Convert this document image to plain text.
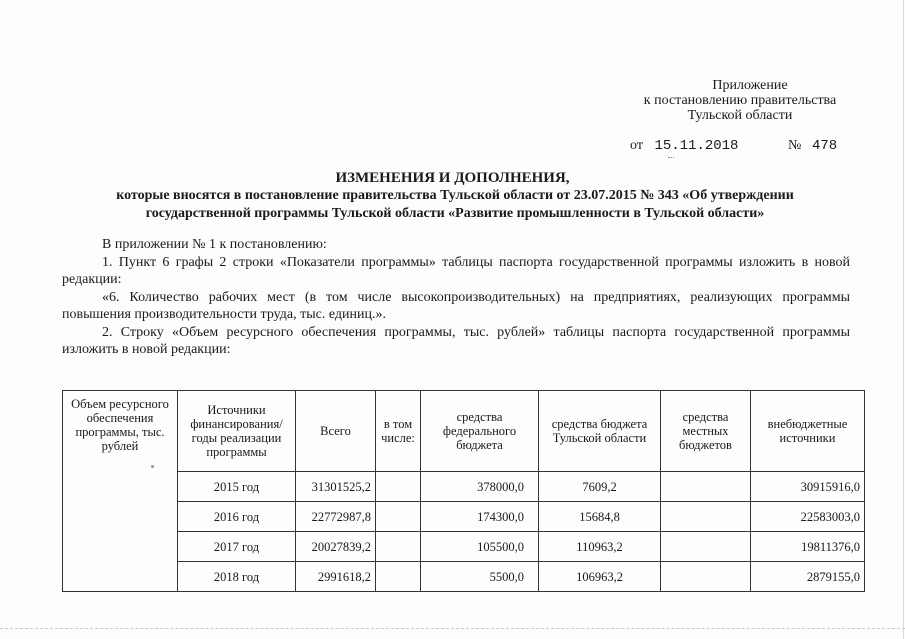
Приложение
к постановлению правительства
Тульской области
от 15.11.2018	№ 478
ИЗМЕНЕНИЯ И ДОПОЛНЕНИЯ,
которые вносятся в постановление правительства Тульской области от 23.07.2015 № 343 «Об утверждении государственной программы Тульской области «Развитие промышленности в Тульской области»

В приложении № 1 к постановлению:

1. Пункт 6 графы 2 строки «Показатели программы» таблицы паспорта государственной программы изложить в новой редакции:

«6. Количество рабочих мест (в том числе высокопроизводительных) на предприятиях, реализующих программы повышения производительности труда, тыс. единиц.».

2. Строку «Объем ресурсного обеспечения программы, тыс. рублей» таблицы паспорта государственной программы изложить в новой редакции:

Объем ресурсного обеспечения программы, тыс. рублей	Источники финансирования/ годы реализации программы	Всего	в том числе:	средства федерального бюджета	средства бюджета Тульской области	средства местных бюджетов	внебюджетные источники
	2015 год	31301525,2		378000,0	7609,2		30915916,0
	2016 год	22772987,8		174300,0	15684,8		22583003,0
	2017 год	20027839,2		105500,0	110963,2		19811376,0
	2018 год	2991618,2		5500,0	106963,2		2879155,0
